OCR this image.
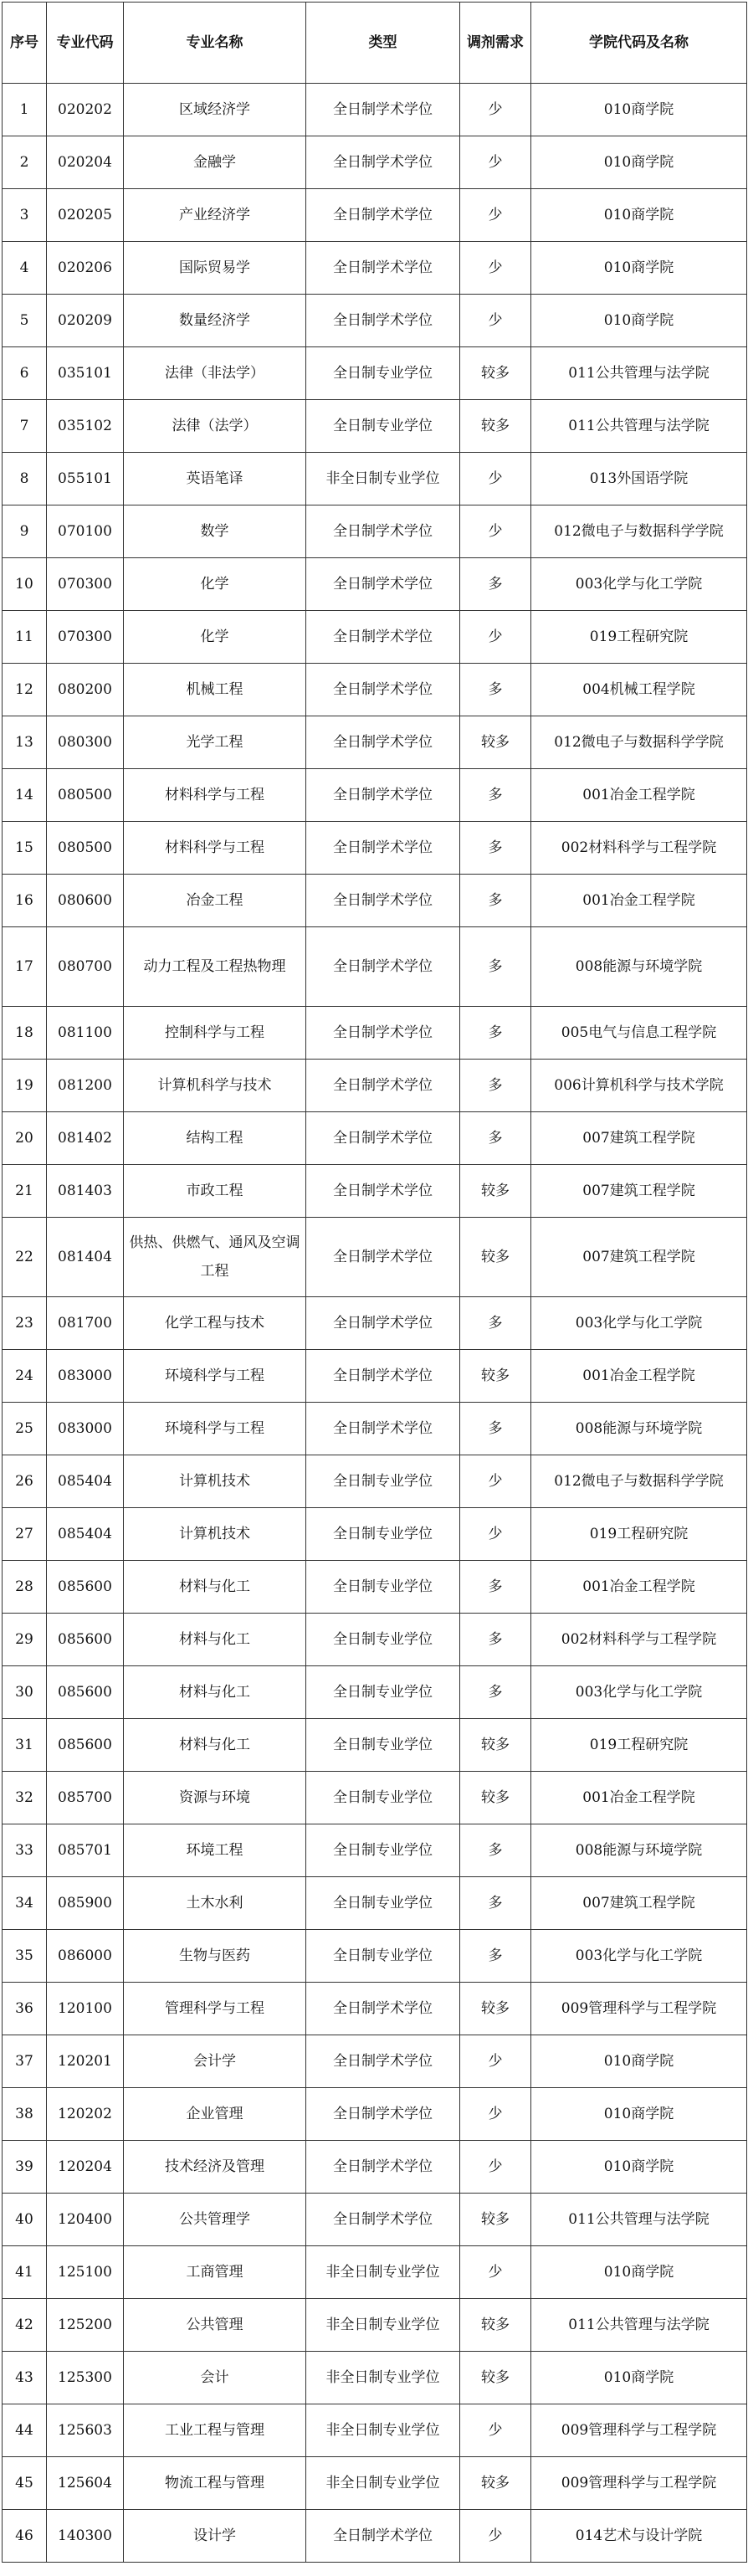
序号	专业代码	专业名称	类型	调剂需求	学院代码及名称
1	020202	区域经济学	全日制学术学位	少	010商学院
2	020204	金融学	全日制学术学位	少	010商学院
3	020205	产业经济学	全日制学术学位	少	010商学院
4	020206	国际贸易学	全日制学术学位	少	010商学院
5	020209	数量经济学	全日制学术学位	少	010商学院
6	035101	法律（非法学）	全日制专业学位	较多	011公共管理与法学院
7	035102	法律（法学）	全日制专业学位	较多	011公共管理与法学院
8	055101	英语笔译	非全日制专业学位	少	013外国语学院
9	070100	数学	全日制学术学位	少	012微电子与数据科学学院
10	070300	化学	全日制学术学位	多	003化学与化工学院
11	070300	化学	全日制学术学位	少	019工程研究院
12	080200	机械工程	全日制学术学位	多	004机械工程学院
13	080300	光学工程	全日制学术学位	较多	012微电子与数据科学学院
14	080500	材料科学与工程	全日制学术学位	多	001冶金工程学院
15	080500	材料科学与工程	全日制学术学位	多	002材料科学与工程学院
16	080600	冶金工程	全日制学术学位	多	001冶金工程学院
17	080700	动力工程及工程热物理	全日制学术学位	多	008能源与环境学院
18	081100	控制科学与工程	全日制学术学位	多	005电气与信息工程学院
19	081200	计算机科学与技术	全日制学术学位	多	006计算机科学与技术学院
20	081402	结构工程	全日制学术学位	多	007建筑工程学院
21	081403	市政工程	全日制学术学位	较多	007建筑工程学院
22	081404	供热、供燃气、通风及空调工程	全日制学术学位	较多	007建筑工程学院
23	081700	化学工程与技术	全日制学术学位	多	003化学与化工学院
24	083000	环境科学与工程	全日制学术学位	较多	001冶金工程学院
25	083000	环境科学与工程	全日制学术学位	多	008能源与环境学院
26	085404	计算机技术	全日制专业学位	少	012微电子与数据科学学院
27	085404	计算机技术	全日制专业学位	少	019工程研究院
28	085600	材料与化工	全日制专业学位	多	001冶金工程学院
29	085600	材料与化工	全日制专业学位	多	002材料科学与工程学院
30	085600	材料与化工	全日制专业学位	多	003化学与化工学院
31	085600	材料与化工	全日制专业学位	较多	019工程研究院
32	085700	资源与环境	全日制专业学位	较多	001冶金工程学院
33	085701	环境工程	全日制专业学位	多	008能源与环境学院
34	085900	土木水利	全日制专业学位	多	007建筑工程学院
35	086000	生物与医药	全日制专业学位	多	003化学与化工学院
36	120100	管理科学与工程	全日制学术学位	较多	009管理科学与工程学院
37	120201	会计学	全日制学术学位	少	010商学院
38	120202	企业管理	全日制学术学位	少	010商学院
39	120204	技术经济及管理	全日制学术学位	少	010商学院
40	120400	公共管理学	全日制学术学位	较多	011公共管理与法学院
41	125100	工商管理	非全日制专业学位	少	010商学院
42	125200	公共管理	非全日制专业学位	较多	011公共管理与法学院
43	125300	会计	非全日制专业学位	较多	010商学院
44	125603	工业工程与管理	非全日制专业学位	少	009管理科学与工程学院
45	125604	物流工程与管理	非全日制专业学位	较多	009管理科学与工程学院
46	140300	设计学	全日制学术学位	少	014艺术与设计学院
